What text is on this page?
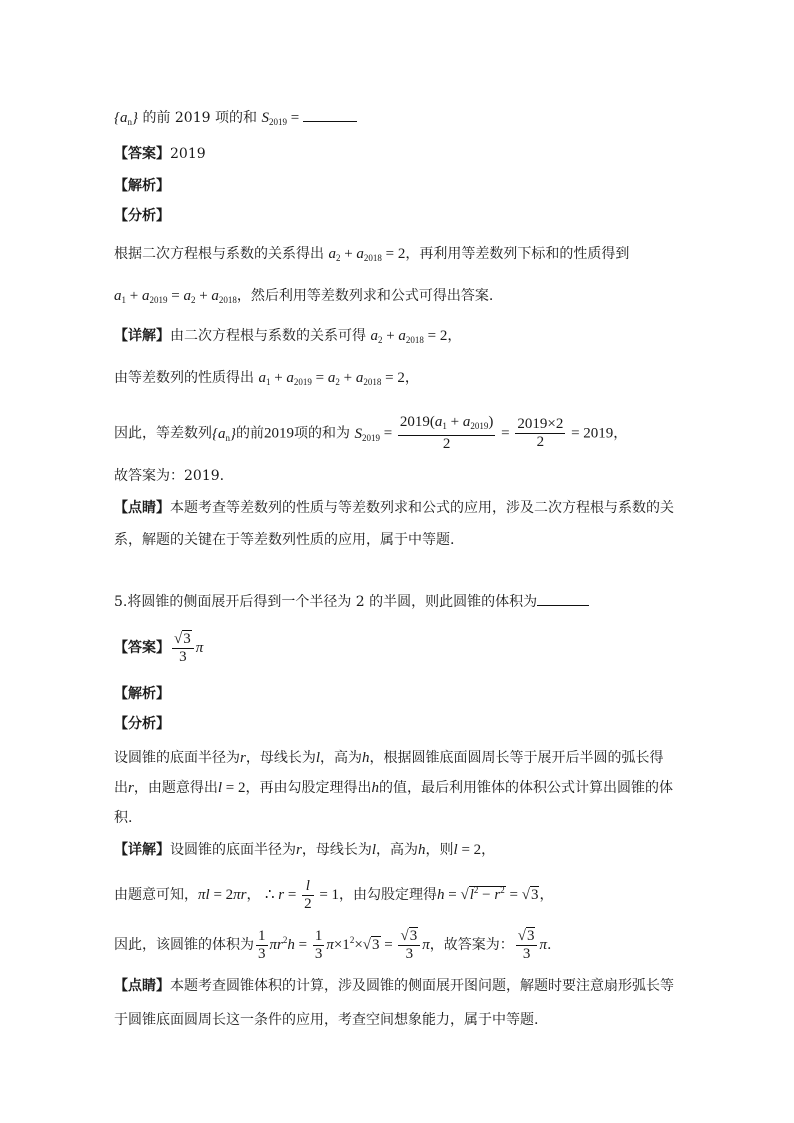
$\{a_n\}$ 的前 2019 项的和 $S_{2019}$ =
【答案】2019
【解析】
【分析】
根据二次方程根与系数的关系得出 $a_2 + a_{2018} = 2$，再利用等差数列下标和的性质得到
$a_1 + a_{2019} = a_2 + a_{2018}$，然后利用等差数列求和公式可得出答案.
【详解】由二次方程根与系数的关系可得 $a_2 + a_{2018} = 2$，
由等差数列的性质得出 $a_1 + a_{2019} = a_2 + a_{2018} = 2$，
因此，等差数列$\{a_n\}$的前2019项的和为 $S_{2019} = \frac{2019(a_1 + a_{2019})}{2} = \frac{2019\times 2}{2} = 2019$，
故答案为：2019.
【点睛】本题考查等差数列的性质与等差数列求和公式的应用，涉及二次方程根与系数的关
系，解题的关键在于等差数列性质的应用，属于中等题.
5.将圆锥的侧面展开后得到一个半径为 2 的半圆，则此圆锥的体积为
【答案】 $\frac{√3}{3}$ π
【解析】
【分析】
设圆锥的底面半径为r，母线长为l，高为h，根据圆锥底面圆周长等于展开后半圆的弧长得
出r，由题意得出l = 2，再由勾股定理得出h的值，最后利用锥体的体积公式计算出圆锥的体
积.
【详解】设圆锥的底面半径为r，母线长为l，高为h，则l = 2，
由题意可知，πl = 2πr， ∴ $r = \frac{l}{2} = 1$，由勾股定理得$h = √l^2 - r^2 = √3$，
因此，该圆锥的体积为 $\frac{1}{3} \pi r^2h = \frac{1}{3} \pi\times 1^2\times√3 = \frac{√3}{3}$ π，故答案为： $\frac{√3}{3} \pi$.
【点睛】本题考查圆锥体积的计算，涉及圆锥的侧面展开图问题，解题时要注意扇形弧长等
于圆锥底面圆周长这一条件的应用，考查空间想象能力，属于中等题.
